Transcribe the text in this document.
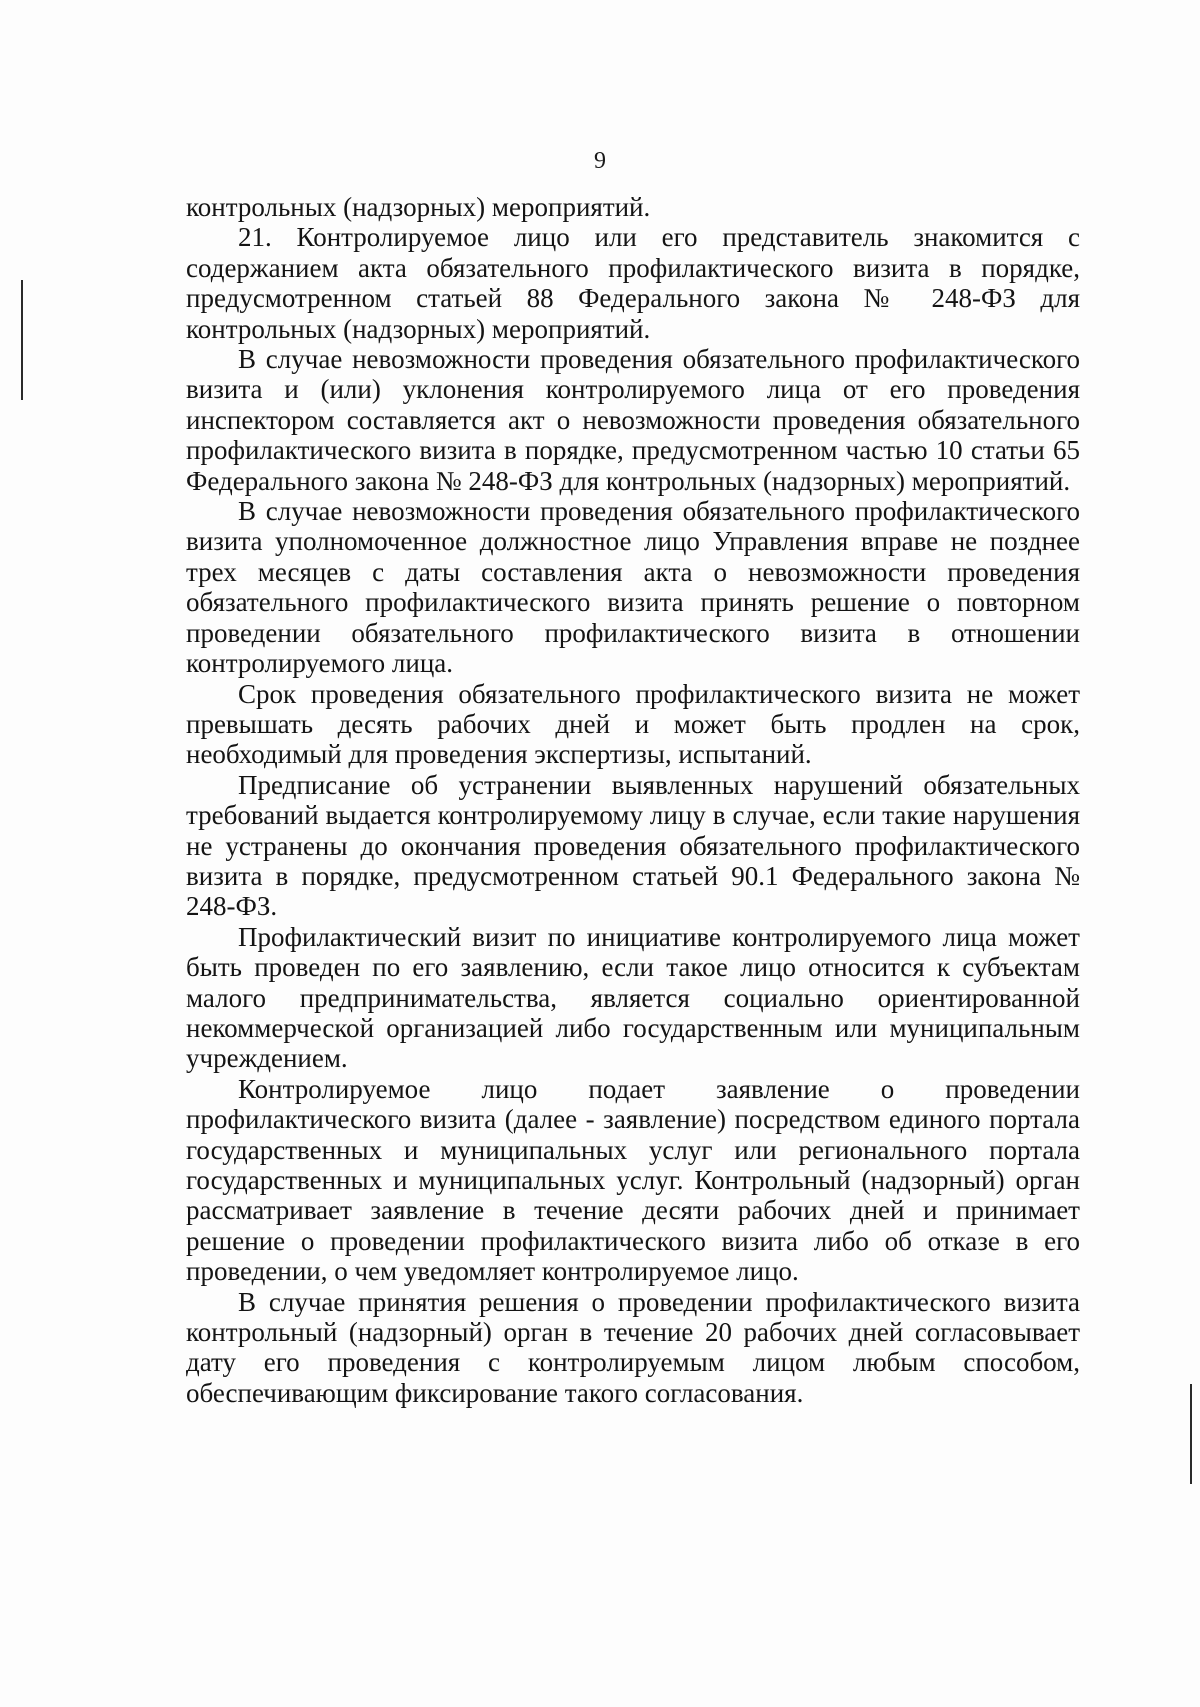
9

контрольных (надзорных) мероприятий.

21. Контролируемое лицо или его представитель знакомится с содержанием акта обязательного профилактического визита в порядке, предусмотренном статьей 88 Федерального закона № 248-ФЗ для контрольных (надзорных) мероприятий.

В случае невозможности проведения обязательного профилактического визита и (или) уклонения контролируемого лица от его проведения инспектором составляется акт о невозможности проведения обязательного профилактического визита в порядке, предусмотренном частью 10 статьи 65 Федерального закона № 248-ФЗ для контрольных (надзорных) мероприятий.

В случае невозможности проведения обязательного профилактического визита уполномоченное должностное лицо Управления вправе не позднее трех месяцев с даты составления акта о невозможности проведения обязательного профилактического визита принять решение о повторном проведении обязательного профилактического визита в отношении контролируемого лица.

Срок проведения обязательного профилактического визита не может превышать десять рабочих дней и может быть продлен на срок, необходимый для проведения экспертизы, испытаний.

Предписание об устранении выявленных нарушений обязательных требований выдается контролируемому лицу в случае, если такие нарушения не устранены до окончания проведения обязательного профилактического визита в порядке, предусмотренном статьей 90.1 Федерального закона № 248-ФЗ.

Профилактический визит по инициативе контролируемого лица может быть проведен по его заявлению, если такое лицо относится к субъектам малого предпринимательства, является социально ориентированной некоммерческой организацией либо государственным или муниципальным учреждением.

Контролируемое лицо подает заявление о проведении профилактического визита (далее - заявление) посредством единого портала государственных и муниципальных услуг или регионального портала государственных и муниципальных услуг. Контрольный (надзорный) орган рассматривает заявление в течение десяти рабочих дней и принимает решение о проведении профилактического визита либо об отказе в его проведении, о чем уведомляет контролируемое лицо.

В случае принятия решения о проведении профилактического визита контрольный (надзорный) орган в течение 20 рабочих дней согласовывает дату его проведения с контролируемым лицом любым способом, обеспечивающим фиксирование такого согласования.
